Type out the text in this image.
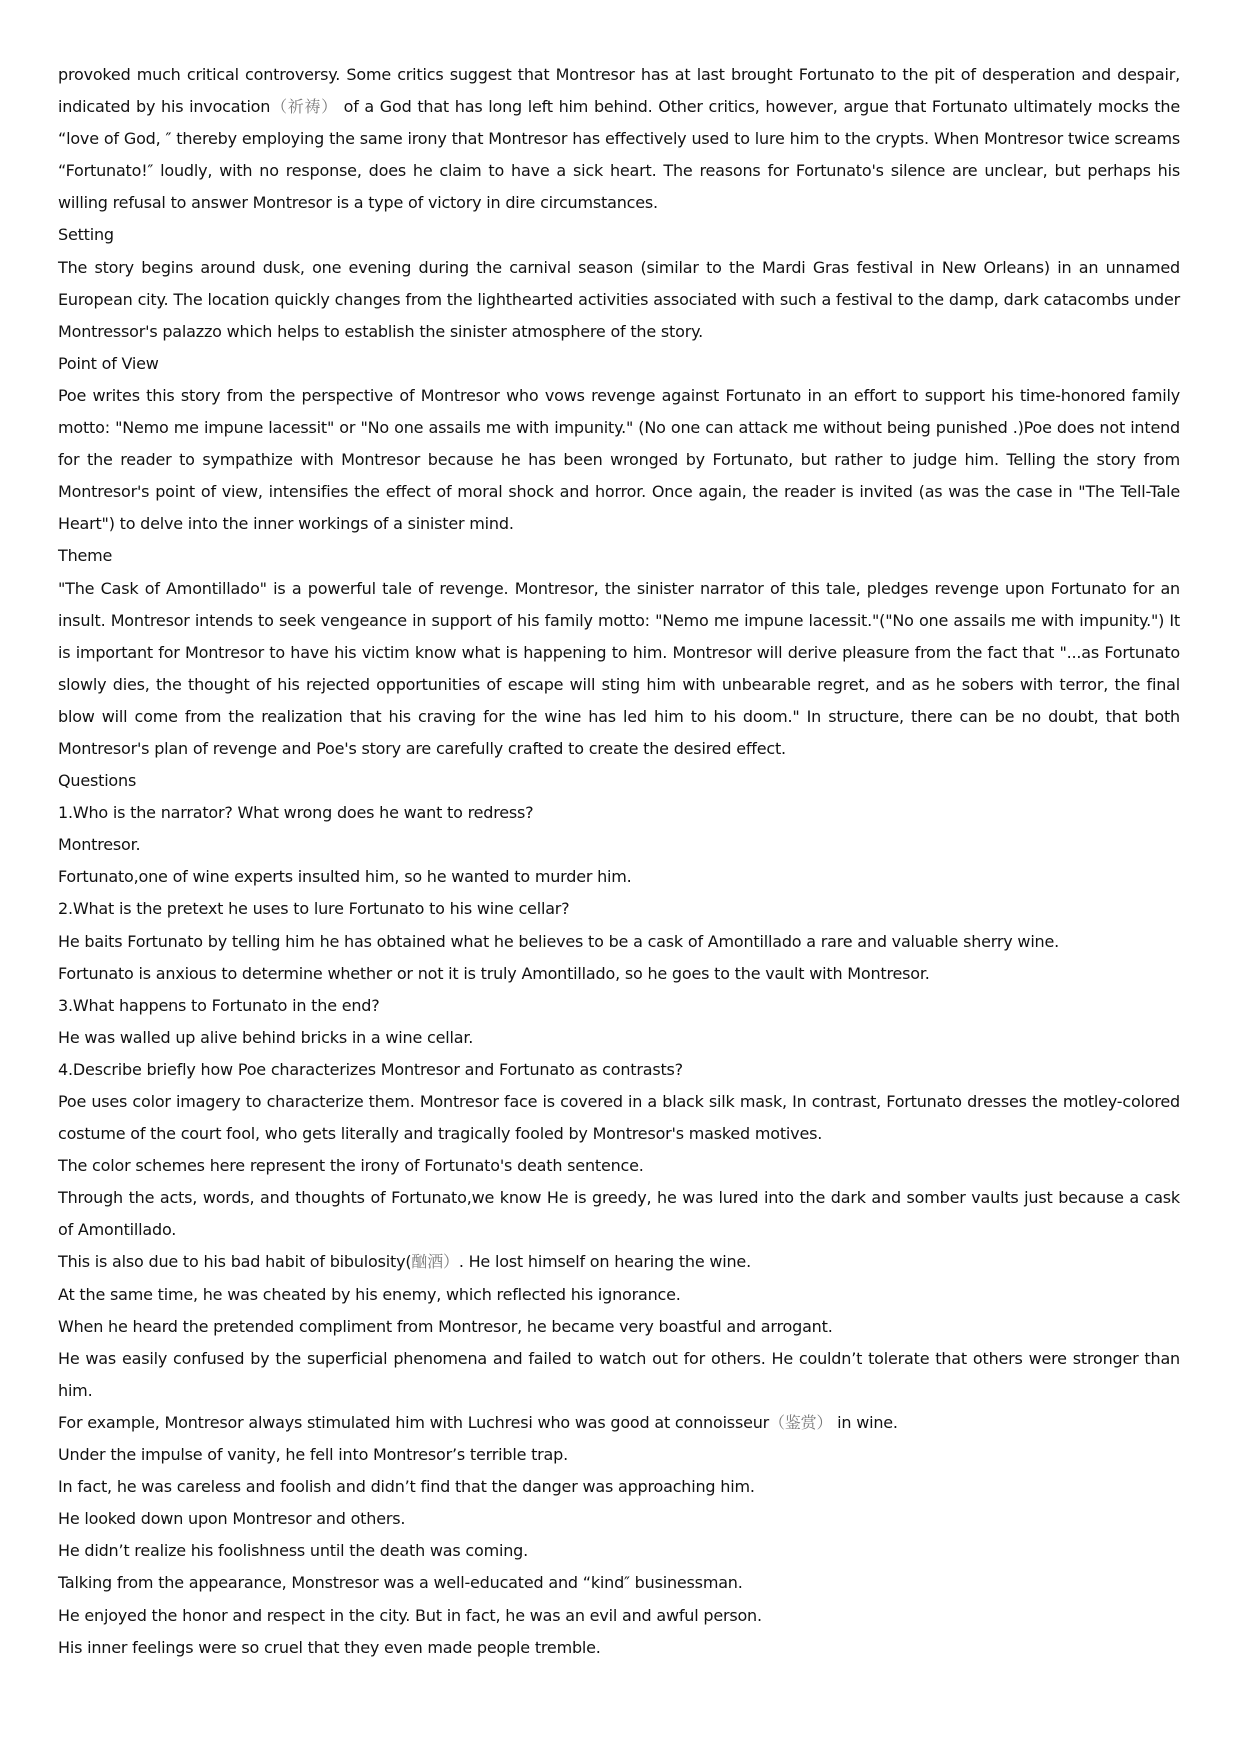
provoked much critical controversy. Some critics suggest that Montresor has at last brought Fortunato to the pit of desperation and despair, indicated by his invocation（祈祷） of a God that has long left him behind. Other critics, however, argue that Fortunato ultimately mocks the “love of God, ″ thereby employing the same irony that Montresor has effectively used to lure him to the crypts. When Montresor twice screams “Fortunato!″ loudly, with no response, does he claim to have a sick heart. The reasons for Fortunato's silence are unclear, but perhaps his willing refusal to answer Montresor is a type of victory in dire circumstances.

Setting

The story begins around dusk, one evening during the carnival season (similar to the Mardi Gras festival in New Orleans) in an unnamed European city. The location quickly changes from the lighthearted activities associated with such a festival to the damp, dark catacombs under Montressor's palazzo which helps to establish the sinister atmosphere of the story.

Point of View

Poe writes this story from the perspective of Montresor who vows revenge against Fortunato in an effort to support his time-honored family motto: "Nemo me impune lacessit" or "No one assails me with impunity." (No one can attack me without being punished .)Poe does not intend for the reader to sympathize with Montresor because he has been wronged by Fortunato, but rather to judge him. Telling the story from Montresor's point of view, intensifies the effect of moral shock and horror. Once again, the reader is invited (as was the case in "The Tell-Tale Heart") to delve into the inner workings of a sinister mind.

Theme

"The Cask of Amontillado" is a powerful tale of revenge. Montresor, the sinister narrator of this tale, pledges revenge upon Fortunato for an insult. Montresor intends to seek vengeance in support of his family motto: "Nemo me impune lacessit."("No one assails me with impunity.") It is important for Montresor to have his victim know what is happening to him. Montresor will derive pleasure from the fact that "...as Fortunato slowly dies, the thought of his rejected opportunities of escape will sting him with unbearable regret, and as he sobers with terror, the final blow will come from the realization that his craving for the wine has led him to his doom." In structure, there can be no doubt, that both Montresor's plan of revenge and Poe's story are carefully crafted to create the desired effect.

Questions

1.Who is the narrator? What wrong does he want to redress?

Montresor.

Fortunato,one of wine experts insulted him, so he wanted to murder him.

2.What is the pretext he uses to lure Fortunato to his wine cellar?

He baits Fortunato by telling him he has obtained what he believes to be a cask of Amontillado a rare and valuable sherry wine.

Fortunato is anxious to determine whether or not it is truly Amontillado, so he goes to the vault with Montresor.

3.What happens to Fortunato in the end?

He was walled up alive behind bricks in a wine cellar.

4.Describe briefly how Poe characterizes Montresor and Fortunato as contrasts?

Poe uses color imagery to characterize them. Montresor face is covered in a black silk mask, In contrast, Fortunato dresses the motley-colored costume of the court fool, who gets literally and tragically fooled by Montresor's masked motives.

The color schemes here represent the irony of Fortunato's death sentence.

Through the acts, words, and thoughts of Fortunato,we know He is greedy, he was lured into the dark and somber vaults just because a cask of Amontillado.

This is also due to his bad habit of bibulosity(酗酒）. He lost himself on hearing the wine.

At the same time, he was cheated by his enemy, which reflected his ignorance.

When he heard the pretended compliment from Montresor, he became very boastful and arrogant.

He was easily confused by the superficial phenomena and failed to watch out for others. He couldn’t tolerate that others were stronger than him.

For example, Montresor always stimulated him with Luchresi who was good at connoisseur（鉴赏） in wine.

Under the impulse of vanity, he fell into Montresor’s terrible trap.

In fact, he was careless and foolish and didn’t find that the danger was approaching him.

He looked down upon Montresor and others.

He didn’t realize his foolishness until the death was coming.

Talking from the appearance, Monstresor was a well-educated and “kind″ businessman.

He enjoyed the honor and respect in the city. But in fact, he was an evil and awful person.

His inner feelings were so cruel that they even made people tremble.
